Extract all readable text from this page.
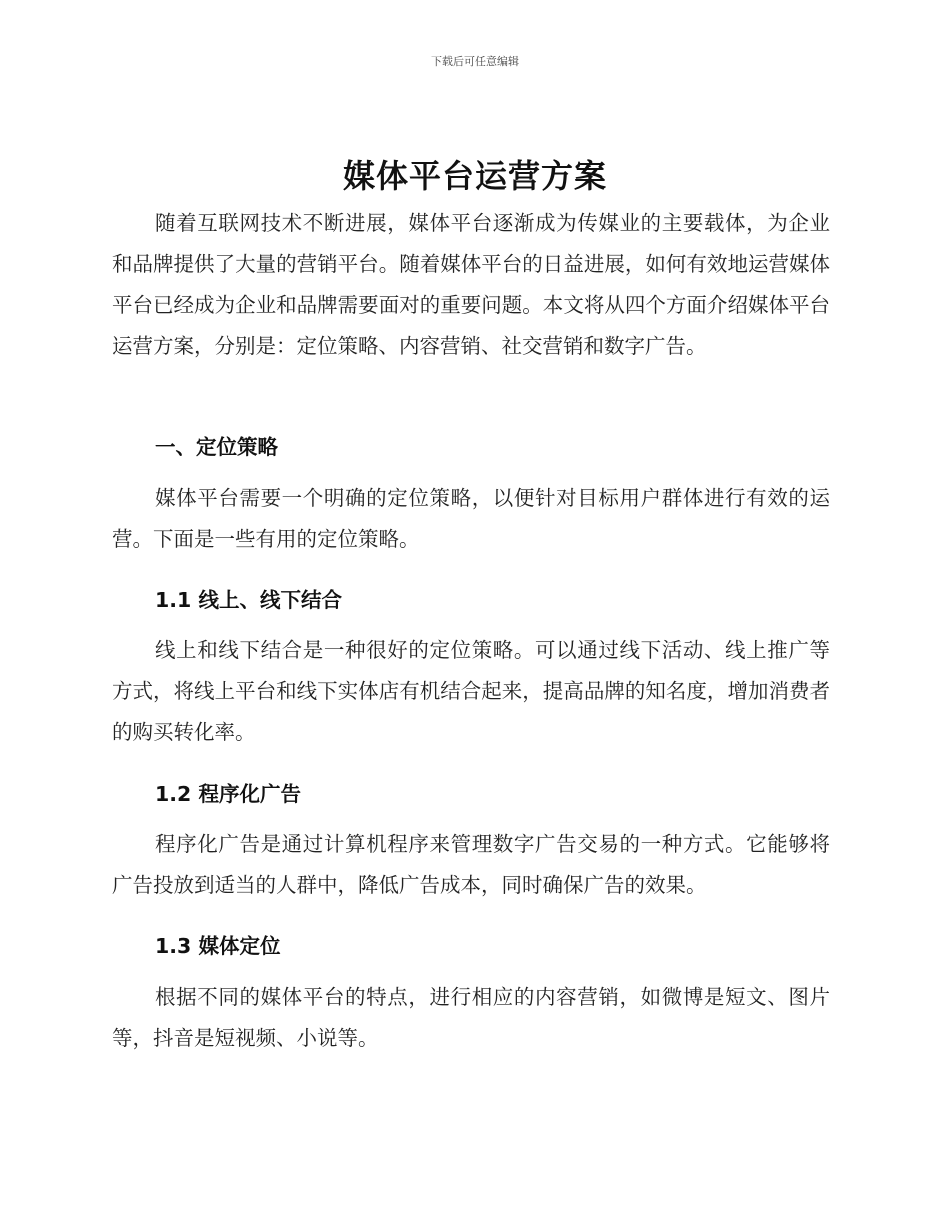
下载后可任意编辑
媒体平台运营方案

随着互联网技术不断进展，媒体平台逐渐成为传媒业的主要载体，为企业和品牌提供了大量的营销平台。随着媒体平台的日益进展，如何有效地运营媒体平台已经成为企业和品牌需要面对的重要问题。本文将从四个方面介绍媒体平台运营方案，分别是：定位策略、内容营销、社交营销和数字广告。

一、定位策略

媒体平台需要一个明确的定位策略，以便针对目标用户群体进行有效的运营。下面是一些有用的定位策略。

1.1 线上、线下结合

线上和线下结合是一种很好的定位策略。可以通过线下活动、线上推广等方式，将线上平台和线下实体店有机结合起来，提高品牌的知名度，增加消费者的购买转化率。

1.2 程序化广告

程序化广告是通过计算机程序来管理数字广告交易的一种方式。它能够将广告投放到适当的人群中，降低广告成本，同时确保广告的效果。

1.3 媒体定位

根据不同的媒体平台的特点，进行相应的内容营销，如微博是短文、图片等，抖音是短视频、小说等。
